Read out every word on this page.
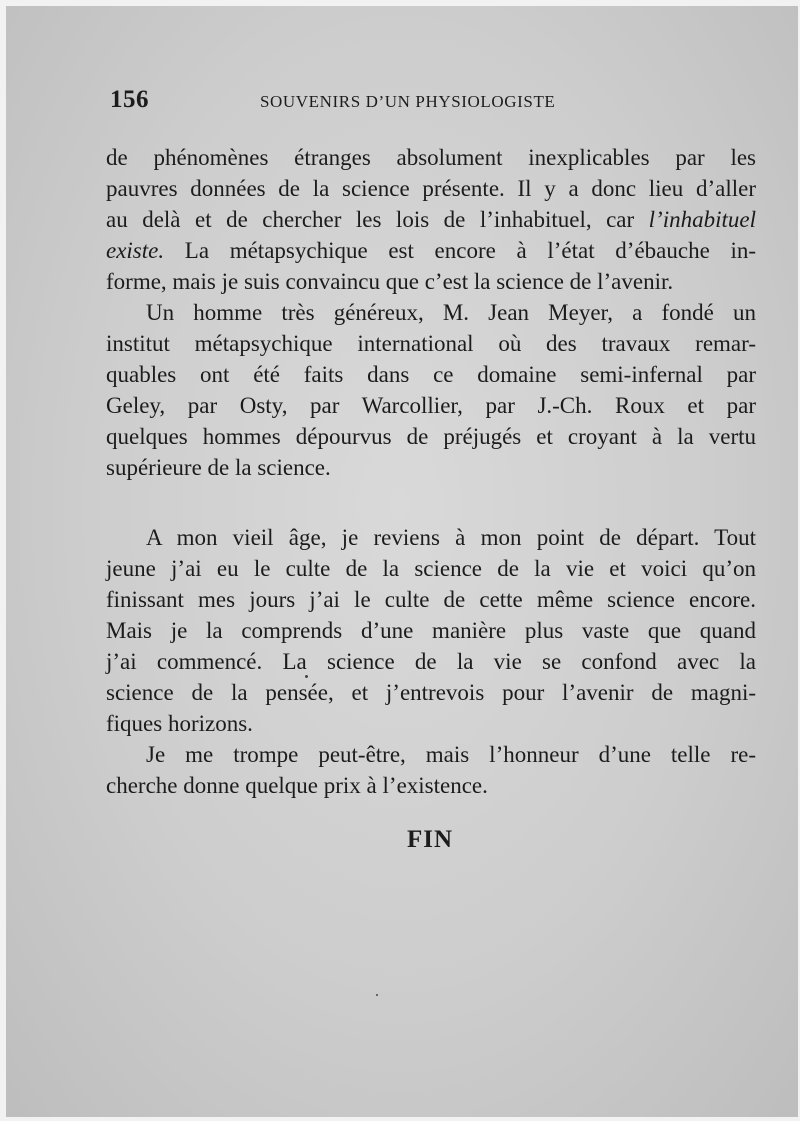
156	SOUVENIRS D’UN PHYSIOLOGISTE
de phénomènes étranges absolument inexplicables par les
pauvres données de la science présente. Il y a donc lieu d’aller
au delà et de chercher les lois de l’inhabituel, car l’inhabituel
existe. La métapsychique est encore à l’état d’ébauche in-
forme, mais je suis convaincu que c’est la science de l’avenir.
Un homme très généreux, M. Jean Meyer, a fondé un
institut métapsychique international où des travaux remar-
quables ont été faits dans ce domaine semi-infernal par
Geley, par Osty, par Warcollier, par J.-Ch. Roux et par
quelques hommes dépourvus de préjugés et croyant à la vertu
supérieure de la science.
A mon vieil âge, je reviens à mon point de départ. Tout
jeune j’ai eu le culte de la science de la vie et voici qu’on
finissant mes jours j’ai le culte de cette même science encore.
Mais je la comprends d’une manière plus vaste que quand
j’ai commencé. La science de la vie se confond avec la
science de la pensée, et j’entrevois pour l’avenir de magni-
fiques horizons.
Je me trompe peut-être, mais l’honneur d’une telle re-
cherche donne quelque prix à l’existence.
FIN
